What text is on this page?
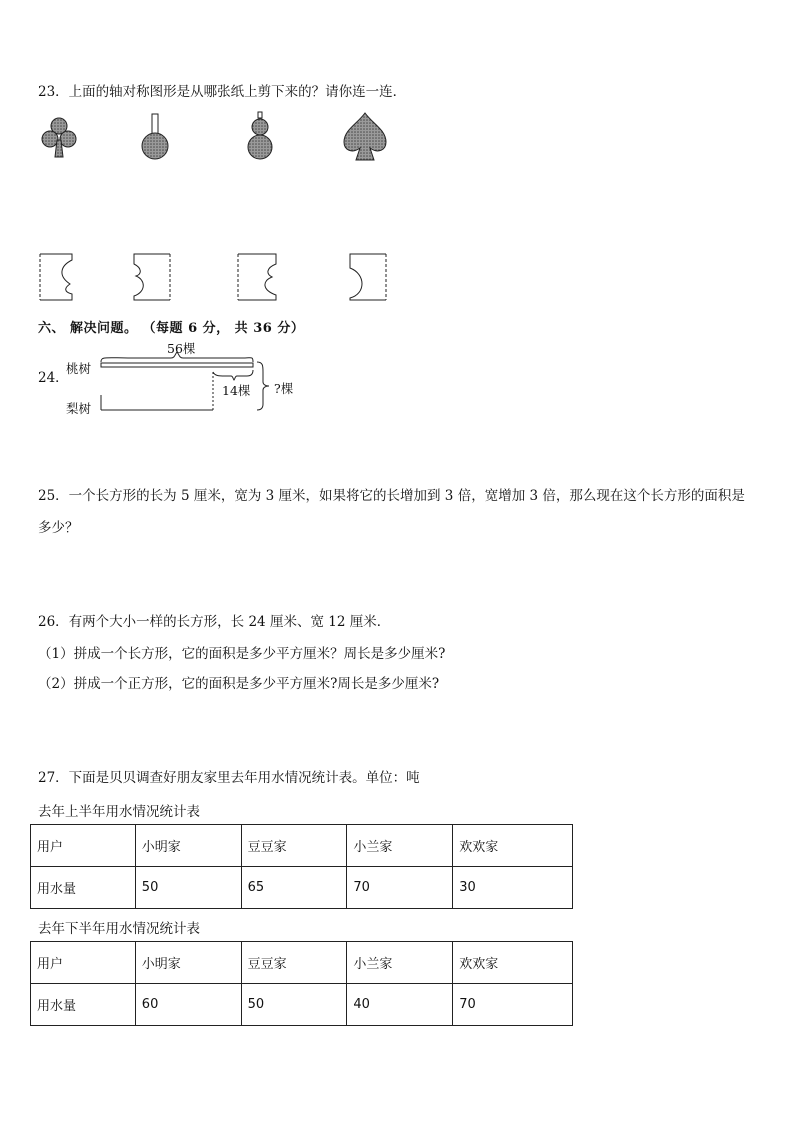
23．上面的轴对称图形是从哪张纸上剪下来的？请你连一连．
六、 解决问题。 （每题 6 分， 共 36 分）
24．
桃树
梨树
56棵
14棵 ?棵
25．一个长方形的长为 5 厘米，宽为 3 厘米，如果将它的长增加到 3 倍，宽增加 3 倍，那么现在这个长方形的面积是
多少？
26．有两个大小一样的长方形，长 24 厘米、宽 12 厘米．
（1）拼成一个长方形，它的面积是多少平方厘米？周长是多少厘米?
（2）拼成一个正方形，它的面积是多少平方厘米?周长是多少厘米?
27．下面是贝贝调查好朋友家里去年用水情况统计表。单位：吨
去年上半年用水情况统计表
用户	小明家	豆豆家	小兰家	欢欢家
用水量	50	65	70	30
去年下半年用水情况统计表
用户	小明家	豆豆家	小兰家	欢欢家
用水量	60	50	40	70
